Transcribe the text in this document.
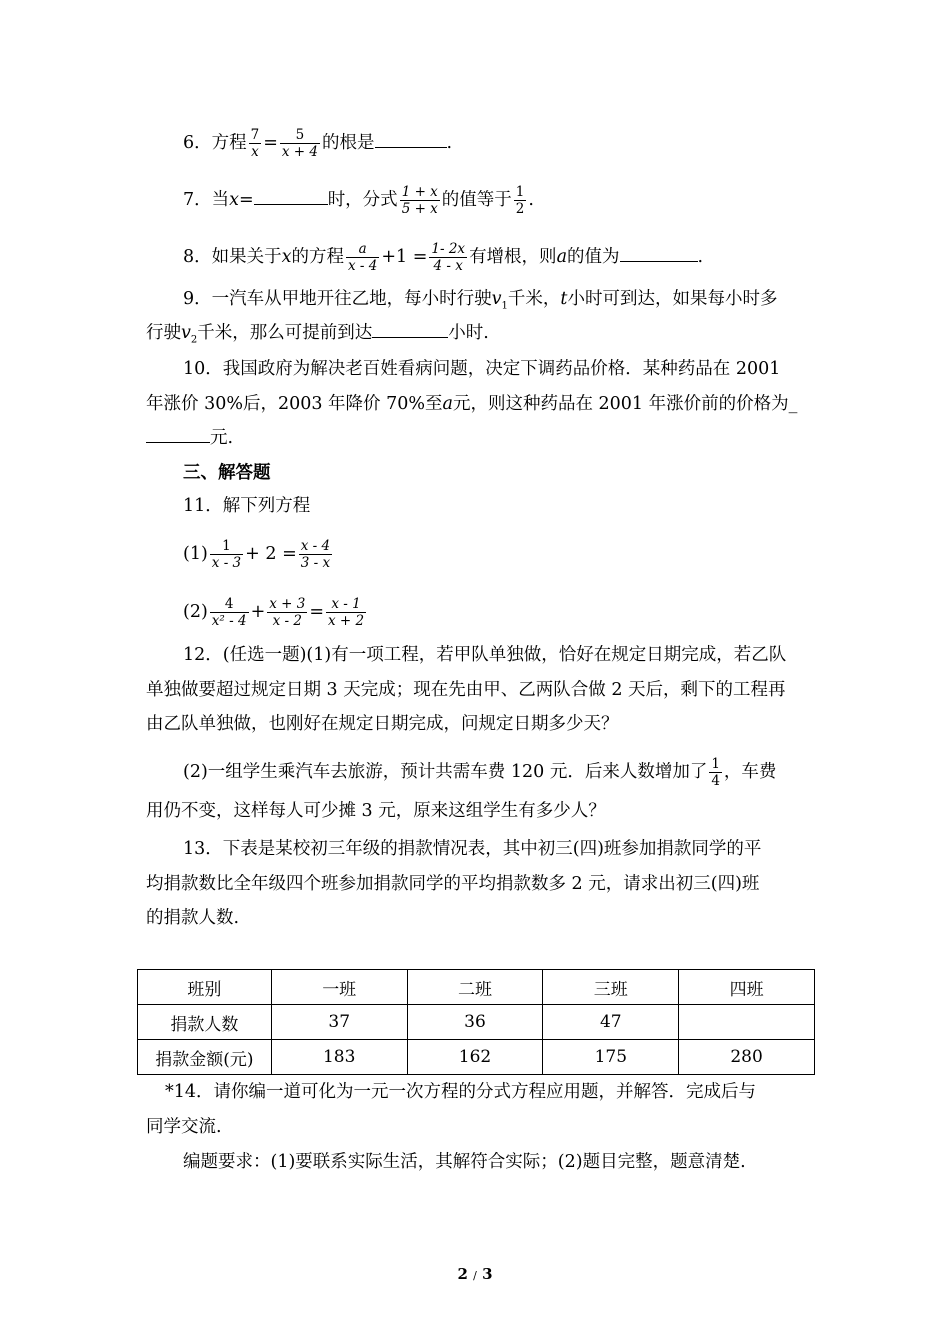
6．方程 $\frac{7}{x} = \frac{5}{x + 4}$ 的根是	.
7．当x=	时，分式 $\frac{1 + x}{5 + x}$ 的值等于 $\frac{1}{2}$ .
8．如果关于x的方程 $\frac{a}{x - 4} +1 = \frac{1- 2x}{4 - x}$ 有增根，则a的值为	.
9．一汽车从甲地开往乙地，每小时行驶$v_1$千米，t小时可到达，如果每小时多
行驶$v_2$千米，那么可提前到达	小时.
10．我国政府为解决老百姓看病问题，决定下调药品价格．某种药品在 2001
年涨价 30%后，2003 年降价 70%至a元，则这种药品在 2001 年涨价前的价格为_
元.
三、解答题
11．解下列方程
$(1) \frac{1}{x - 3} + 2 = \frac{x - 4}{3 - x}$
$(2) \frac{4}{\text{x² - 4}} + \frac{x + 3}{x - 2} = \frac{x - 1}{x + 2}$
12．(任选一题)(1)有一项工程，若甲队单独做，恰好在规定日期完成，若乙队
单独做要超过规定日期 3 天完成；现在先由甲、乙两队合做 2 天后，剩下的工程再
由乙队单独做，也刚好在规定日期完成，问规定日期多少天？
(2)一组学生乘汽车去旅游，预计共需车费 120 元．后来人数增加了 $\frac{1}{4}$ ，车费
用仍不变，这样每人可少摊 3 元，原来这组学生有多少人？
13．下表是某校初三年级的捐款情况表，其中初三(四)班参加捐款同学的平
均捐款数比全年级四个班参加捐款同学的平均捐款数多 2 元，请求出初三(四)班
的捐款人数.
班别	一班	二班	三班	四班
捐款人数	37	36	47	
捐款金额(元)	183	162	175	280
*14．请你编一道可化为一元一次方程的分式方程应用题，并解答．完成后与
同学交流.
编题要求：(1)要联系实际生活，其解符合实际；(2)题目完整，题意清楚.
2 / 3
